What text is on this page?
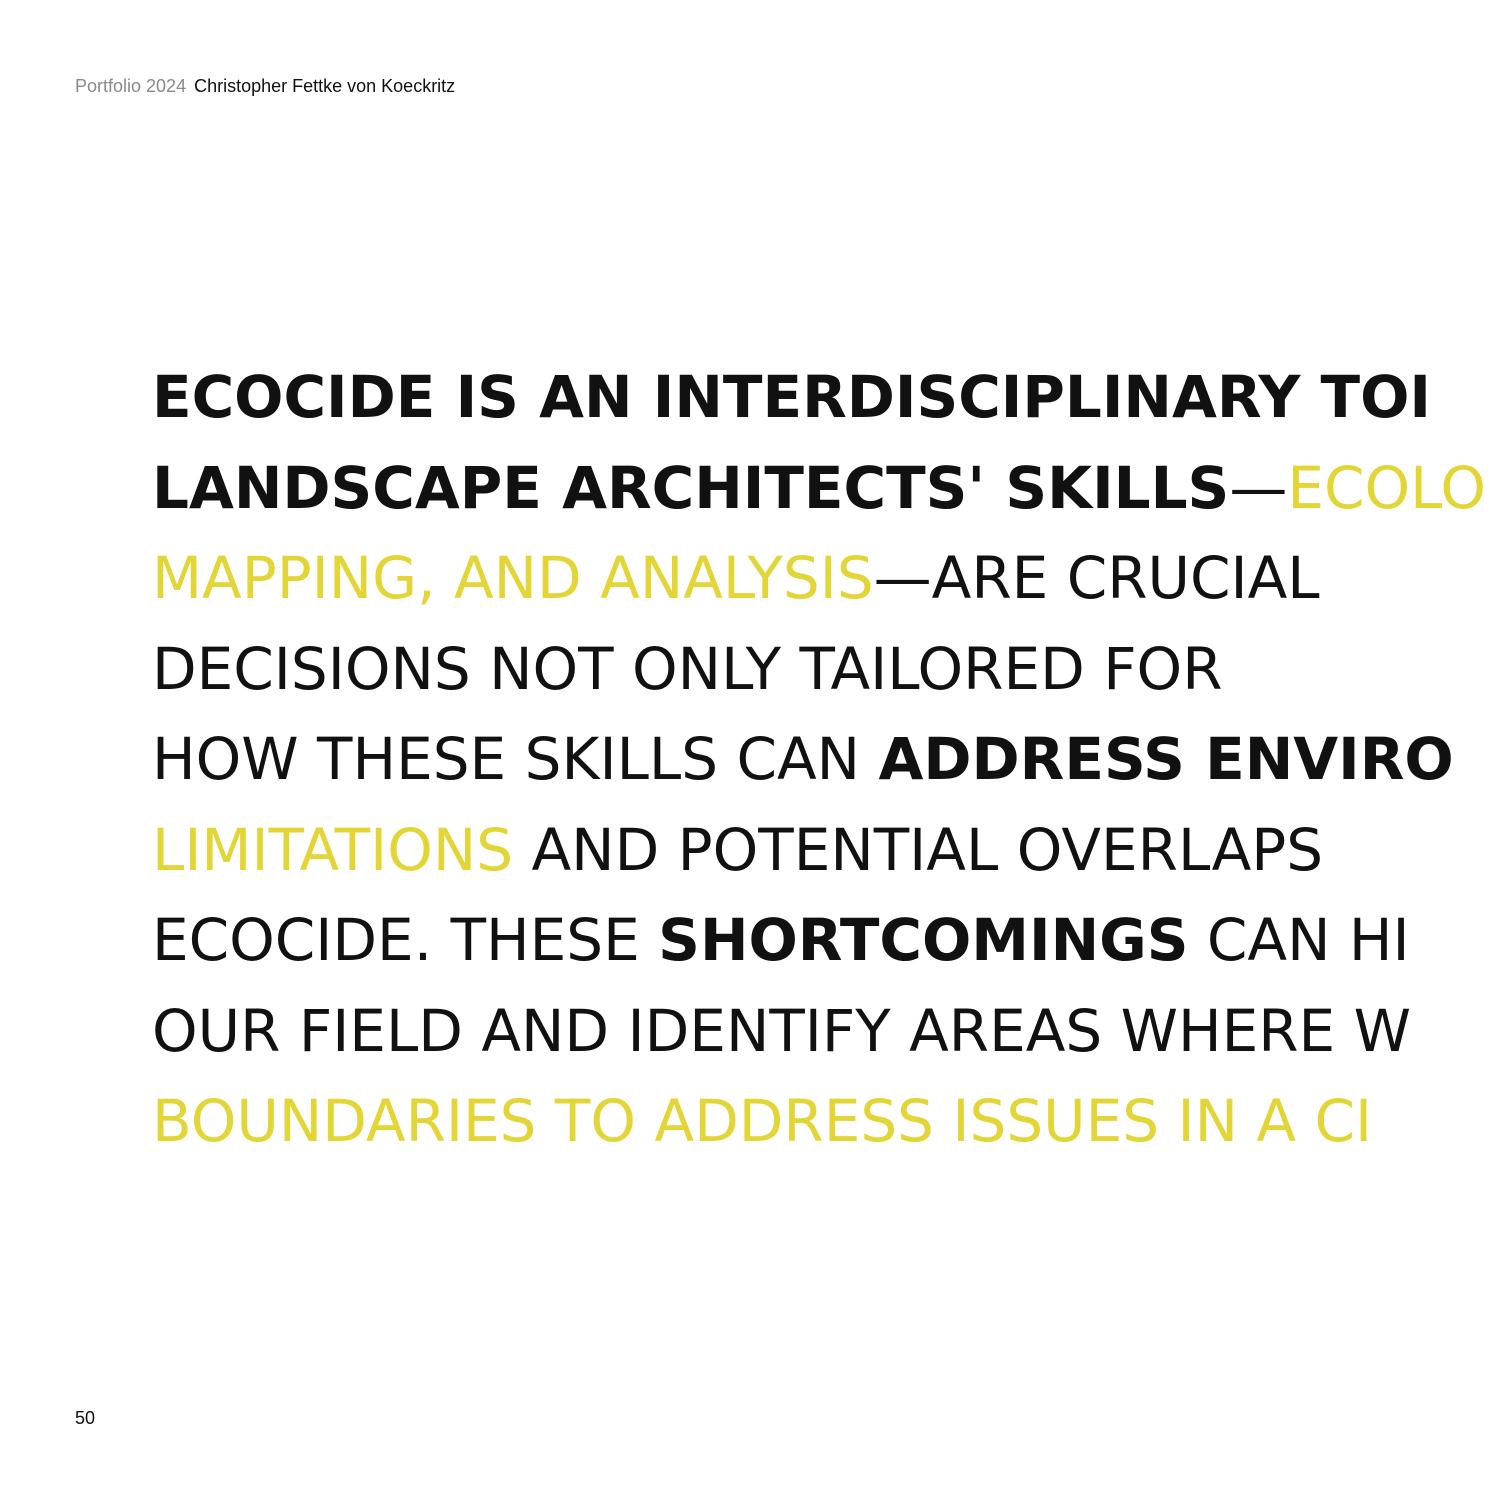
Portfolio 2024 Christopher Fettke von Koeckritz
ECOCIDE IS AN INTERDISCIPLINARY TOI
LANDSCAPE ARCHITECTS' SKILLS—ECOLO
MAPPING, AND ANALYSIS—ARE CRUCIAL
DECISIONS NOT ONLY TAILORED FOR
HOW THESE SKILLS CAN ADDRESS ENVIRO
LIMITATIONS AND POTENTIAL OVERLAPS
ECOCIDE. THESE SHORTCOMINGS CAN HI
OUR FIELD AND IDENTIFY AREAS WHERE W
BOUNDARIES TO ADDRESS ISSUES IN A CI
50
